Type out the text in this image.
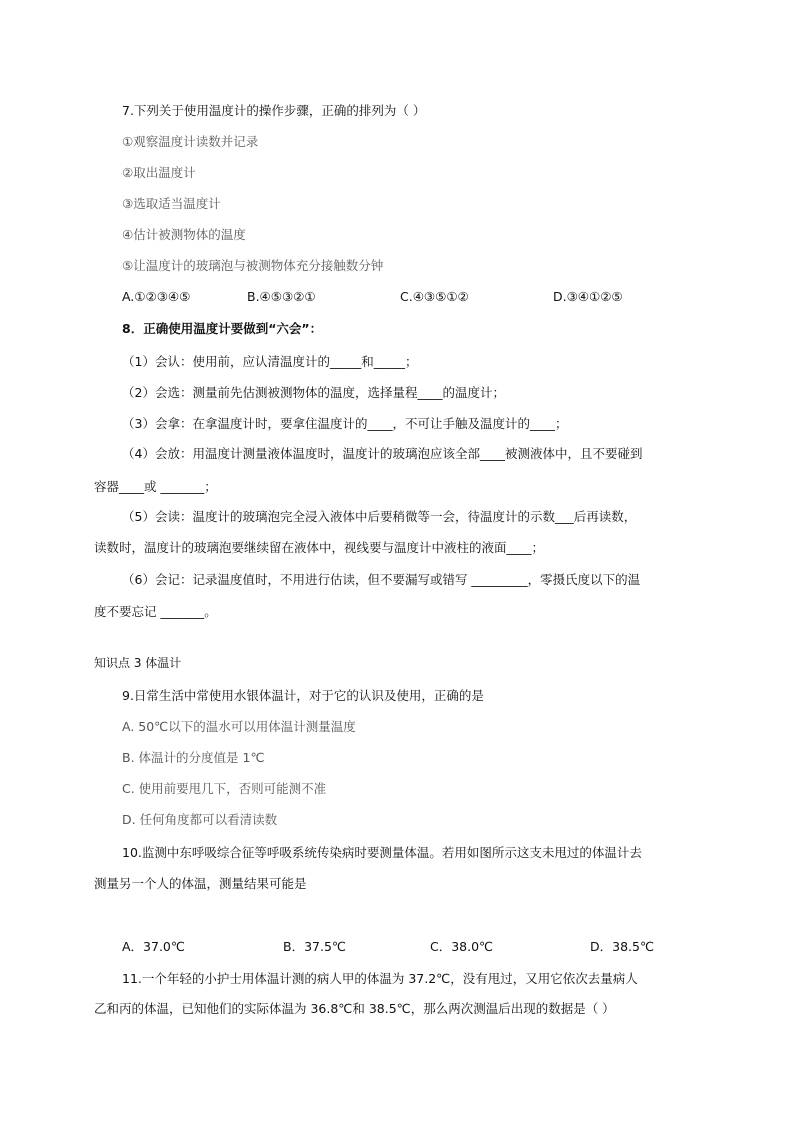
7.下列关于使用温度计的操作步骤，正确的排列为（ ）
①观察温度计读数并记录
②取出温度计
③选取适当温度计
④估计被测物体的温度
⑤让温度计的玻璃泡与被测物体充分接触数分钟
A.①②③④⑤	B.④⑤③②①	C.④③⑤①②	D.③④①②⑤
8．正确使用温度计要做到“六会”：
（1）会认：使用前，应认清温度计的_____和_____；
（2）会选：测量前先估测被测物体的温度，选择量程____的温度计；
（3）会拿：在拿温度计时，要拿住温度计的____，不可让手触及温度计的____；
（4）会放：用温度计测量液体温度时，温度计的玻璃泡应该全部____被测液体中，且不要碰到
容器____或 _______；
（5）会读：温度计的玻璃泡完全浸入液体中后要稍微等一会，待温度计的示数___后再读数，
读数时，温度计的玻璃泡要继续留在液体中，视线要与温度计中液柱的液面____；
（6）会记：记录温度值时，不用进行估读，但不要漏写或错写 _________，零摄氏度以下的温
度不要忘记 _______。
知识点 3 体温计
9.日常生活中常使用水银体温计，对于它的认识及使用，正确的是
A. 50℃以下的温水可以用体温计测量温度
B. 体温计的分度值是 1℃
C. 使用前要甩几下，否则可能测不准
D. 任何角度都可以看清读数
10.监测中东呼吸综合征等呼吸系统传染病时要测量体温。若用如图所示这支未甩过的体温计去
测量另一个人的体温，测量结果可能是
A．37.0℃	B．37.5℃	C．38.0℃	D．38.5℃
11.一个年轻的小护士用体温计测的病人甲的体温为 37.2℃，没有甩过，又用它依次去量病人
乙和丙的体温，已知他们的实际体温为 36.8℃和 38.5℃，那么两次测温后出现的数据是（ ）
